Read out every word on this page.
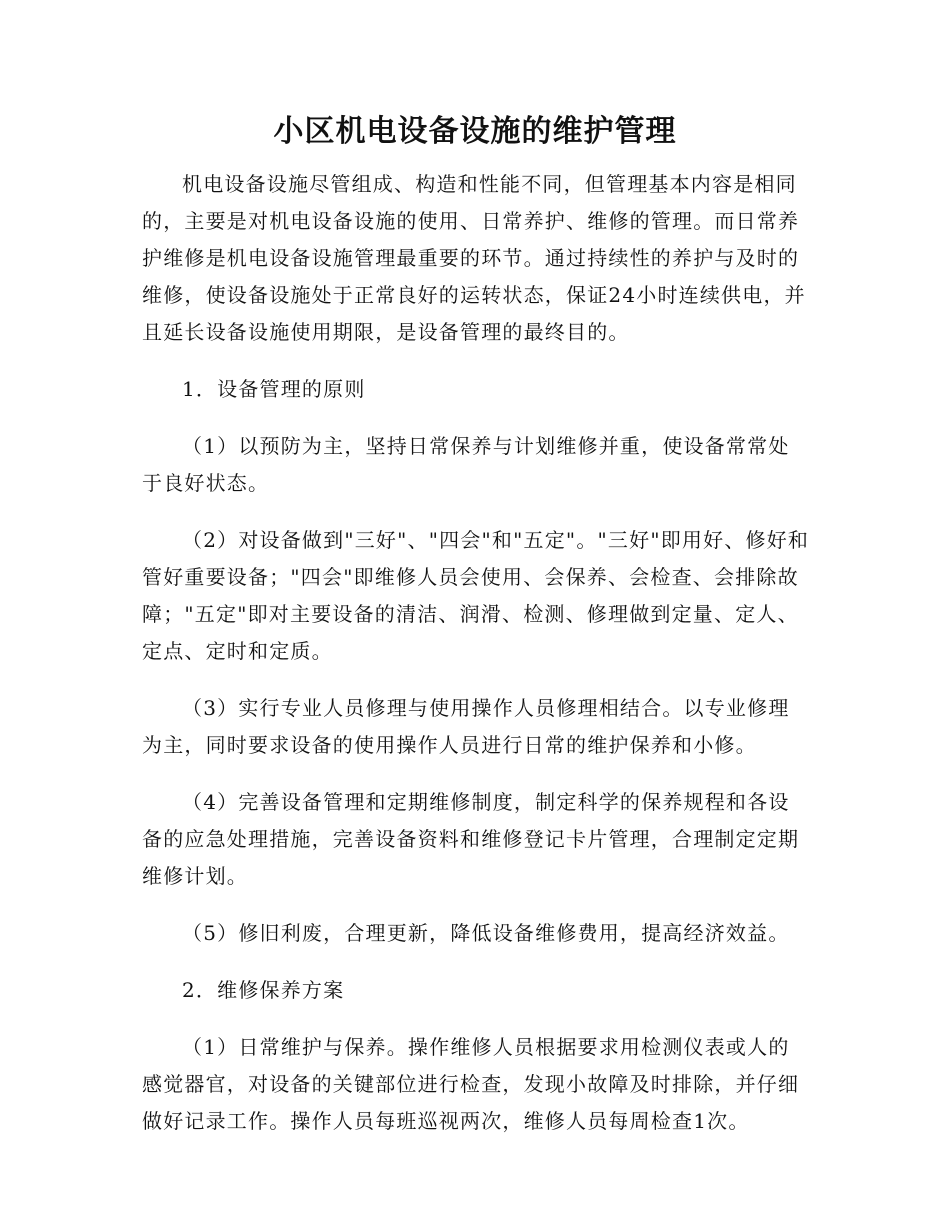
小区机电设备设施的维护管理

机电设备设施尽管组成、构造和性能不同，但管理基本内容是相同的，主要是对机电设备设施的使用、日常养护、维修的管理。而日常养护维修是机电设备设施管理最重要的环节。通过持续性的养护与及时的维修，使设备设施处于正常良好的运转状态，保证24小时连续供电，并且延长设备设施使用期限，是设备管理的最终目的。

1．设备管理的原则

（1）以预防为主，坚持日常保养与计划维修并重，使设备常常处于良好状态。

（2）对设备做到"三好"、"四会"和"五定"。"三好"即用好、修好和管好重要设备；"四会"即维修人员会使用、会保养、会检查、会排除故障；"五定"即对主要设备的清洁、润滑、检测、修理做到定量、定人、定点、定时和定质。

（3）实行专业人员修理与使用操作人员修理相结合。以专业修理为主，同时要求设备的使用操作人员进行日常的维护保养和小修。

（4）完善设备管理和定期维修制度，制定科学的保养规程和各设备的应急处理措施，完善设备资料和维修登记卡片管理，合理制定定期维修计划。

（5）修旧利废，合理更新，降低设备维修费用，提高经济效益。

2．维修保养方案

（1）日常维护与保养。操作维修人员根据要求用检测仪表或人的感觉器官，对设备的关键部位进行检查，发现小故障及时排除，并仔细做好记录工作。操作人员每班巡视两次，维修人员每周检查1次。
